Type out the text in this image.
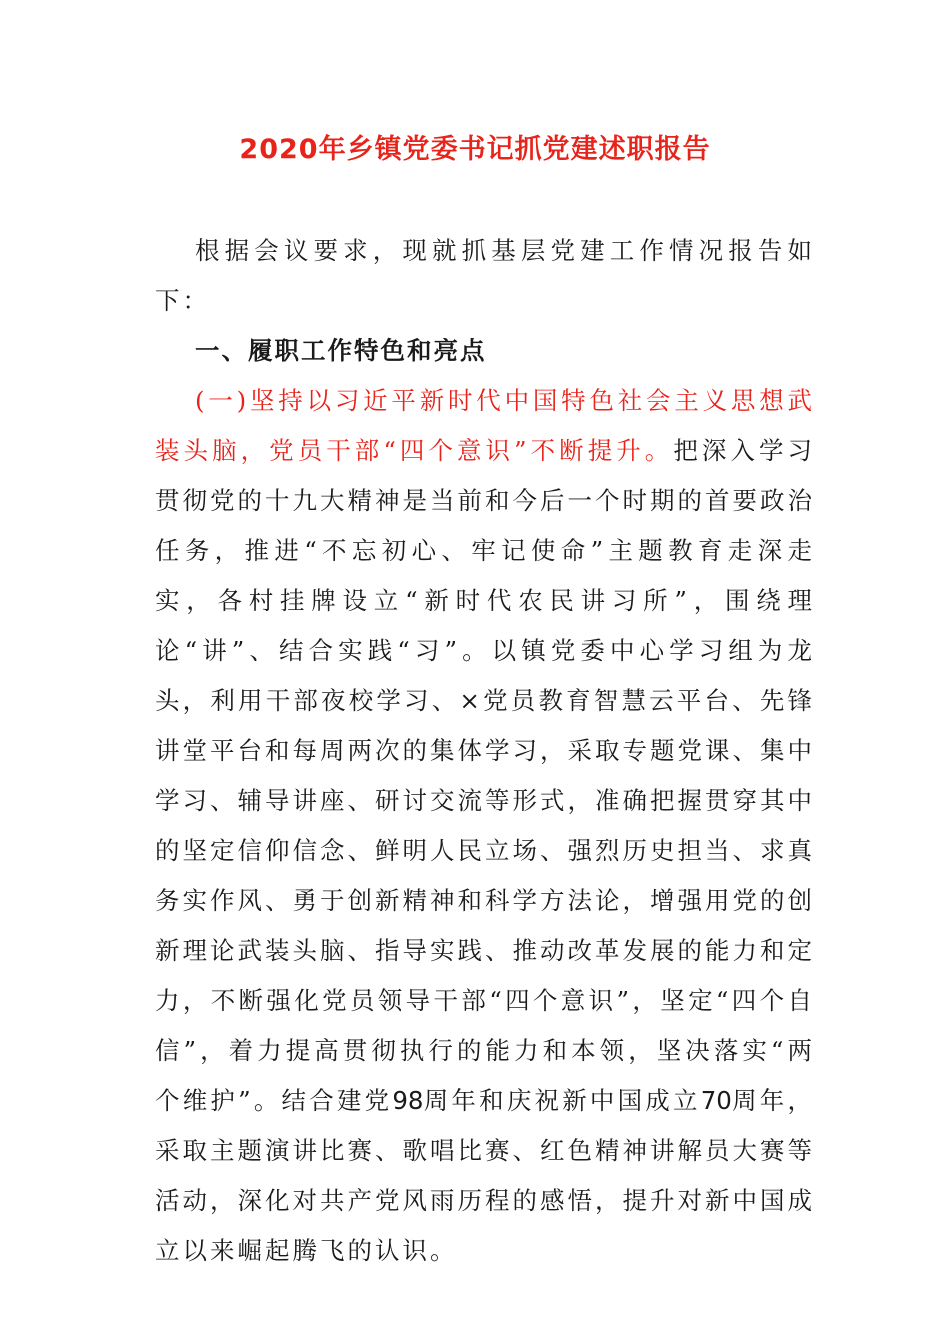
2020年乡镇党委书记抓党建述职报告

根据会议要求，现就抓基层党建工作情况报告如下：

一、履职工作特色和亮点

(一)坚持以习近平新时代中国特色社会主义思想武装头脑，党员干部“四个意识”不断提升。把深入学习贯彻党的十九大精神是当前和今后一个时期的首要政治任务，推进“不忘初心、牢记使命”主题教育走深走实，各村挂牌设立“新时代农民讲习所”，围绕理论“讲”、结合实践“习”。以镇党委中心学习组为龙头，利用干部夜校学习、×党员教育智慧云平台、先锋讲堂平台和每周两次的集体学习，采取专题党课、集中学习、辅导讲座、研讨交流等形式，准确把握贯穿其中的坚定信仰信念、鲜明人民立场、强烈历史担当、求真务实作风、勇于创新精神和科学方法论，增强用党的创新理论武装头脑、指导实践、推动改革发展的能力和定力，不断强化党员领导干部“四个意识”，坚定“四个自信”，着力提高贯彻执行的能力和本领，坚决落实“两个维护”。结合建党98周年和庆祝新中国成立70周年，采取主题演讲比赛、歌唱比赛、红色精神讲解员大赛等活动，深化对共产党风雨历程的感悟，提升对新中国成立以来崛起腾飞的认识。
